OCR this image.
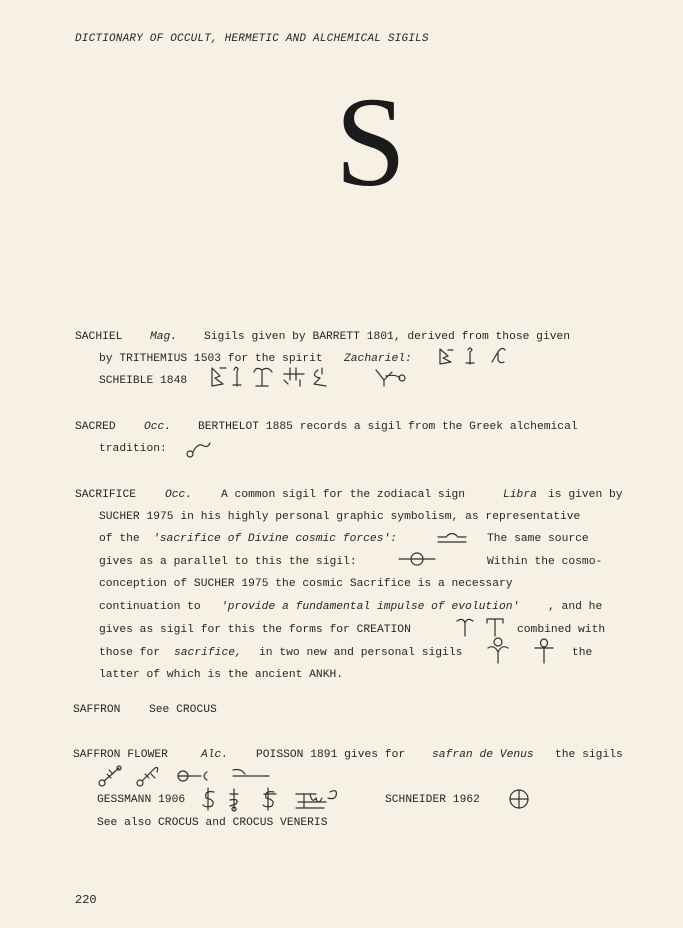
DICTIONARY OF OCCULT, HERMETIC AND ALCHEMICAL SIGILS
S
SACHIEL Mag. Sigils given by BARRETT 1801, derived from those given
by TRITHEMIUS 1503 for the spirit Zachariel:
SCHEIBLE 1848
SACRED	Occ. BERTHELOT 1885 records a sigil from the Greek alchemical
tradition:
SACRIFICE	Occ.	A common sigil for the zodiacal sign	Libra is given by
SUCHER 1975 in his highly personal graphic symbolism, as representative
of the 'sacrifice of Divine cosmic forces':	The same source
gives as a parallel to this the sigil:	Within the cosmo-
conception of SUCHER 1975 the cosmic Sacrifice is a necessary
continuation to 'provide a fundamental impulse of evolution'	, and he
gives as sigil for this the forms for CREATION	combined with
those for sacrifice, in two new and personal sigils	the
latter of which is the ancient ANKH.
SAFFRON	See CROCUS
SAFFRON FLOWER	Alc. POISSON 1891 gives for safran de Venus the sigils
GESSMANN 1906	SCHNEIDER 1962
See also CROCUS and CROCUS VENERIS
220
